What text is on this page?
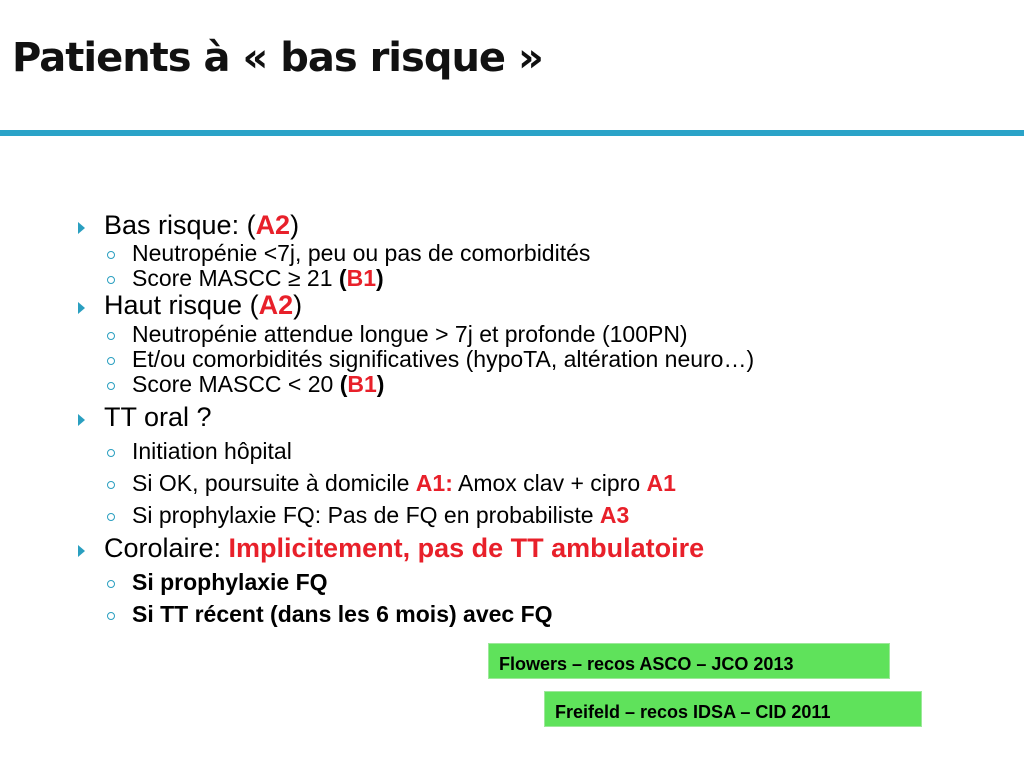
Patients à « bas risque »
Bas risque: (A2)
Neutropénie <7j, peu ou pas de comorbidités
Score MASCC ≥ 21 (B1)
Haut risque (A2)
Neutropénie attendue longue > 7j et profonde (100PN)
Et/ou comorbidités significatives (hypoTA, altération neuro…)
Score MASCC < 20 (B1)
TT oral ?
Initiation hôpital
Si OK, poursuite à domicile A1: Amox clav + cipro A1
Si prophylaxie FQ: Pas de FQ en probabiliste A3
Corolaire: Implicitement, pas de TT ambulatoire
Si prophylaxie FQ
Si TT récent (dans les 6 mois) avec FQ
Flowers – recos ASCO – JCO 2013
Freifeld – recos IDSA – CID 2011
